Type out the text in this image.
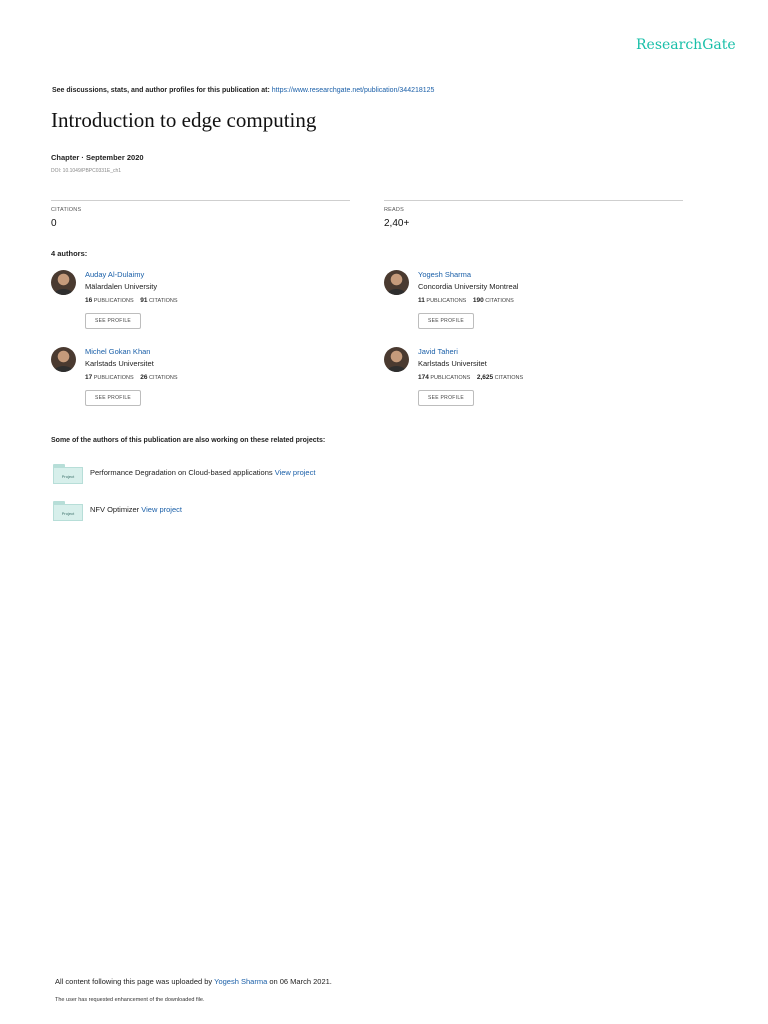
ResearchGate
See discussions, stats, and author profiles for this publication at: https://www.researchgate.net/publication/344218125
Introduction to edge computing
Chapter · September 2020
DOI: 10.1049/PBPC0331E_ch1
CITATIONS
0
READS
2,40+
4 authors:
Auday Al-Dulaimy
Mälardalen University
16 PUBLICATIONS 91 CITATIONS
SEE PROFILE
Yogesh Sharma
Concordia University Montreal
11 PUBLICATIONS 190 CITATIONS
SEE PROFILE
Michel Gokan Khan
Karlstads Universitet
17 PUBLICATIONS 26 CITATIONS
SEE PROFILE
Javid Taheri
Karlstads Universitet
174 PUBLICATIONS 2,625 CITATIONS
SEE PROFILE
Some of the authors of this publication are also working on these related projects:
Project	Performance Degradation on Cloud-based applications View project
Project	NFV Optimizer View project
All content following this page was uploaded by Yogesh Sharma on 06 March 2021.
The user has requested enhancement of the downloaded file.
